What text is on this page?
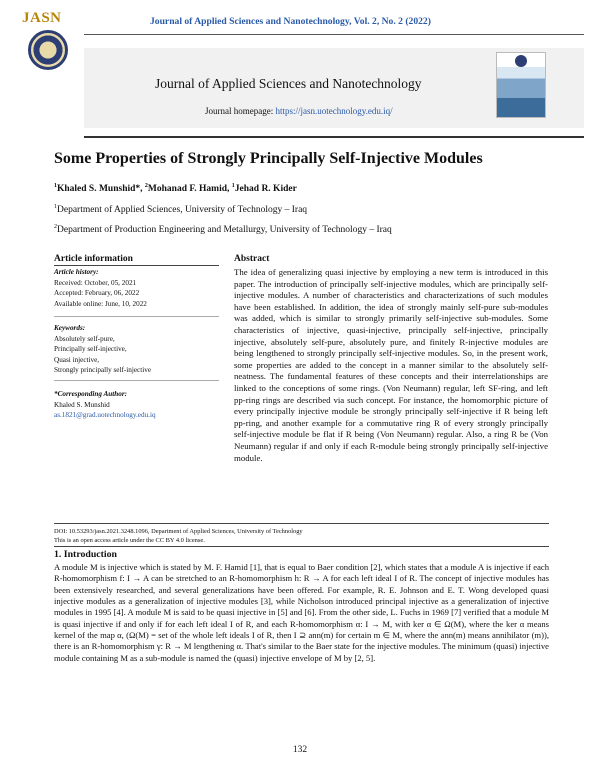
JASN	Journal of Applied Sciences and Nanotechnology, Vol. 2, No. 2 (2022)
Journal of Applied Sciences and Nanotechnology
Journal homepage: https://jasn.uotechnology.edu.iq/
Some Properties of Strongly Principally Self-Injective Modules
$^1$Khaled S. Munshid*, $^2$Mohanad F. Hamid, $^1$Jehad R. Kider
$^1$Department of Applied Sciences, University of Technology – Iraq
$^2$Department of Production Engineering and Metallurgy, University of Technology – Iraq
Article information
Article history:
Received: October, 05, 2021
Accepted: February, 06, 2022
Available online: June, 10, 2022
Keywords:
Absolutely self-pure,
Principally self-injective,
Quasi injective,
Strongly principally self-injective
*Corresponding Author:
Khaled S. Munshid
as.1821@grad.uotechnology.edu.iq
Abstract
The idea of generalizing quasi injective by employing a new term is introduced in this paper. The introduction of principally self-injective modules, which are principally self-injective modules. A number of characteristics and characterizations of such modules have been established. In addition, the idea of strongly mainly self-pure sub-modules was added, which is similar to strongly primarily self-injective sub-modules. Some characteristics of injective, quasi-injective, principally self-injective, principally injective, absolutely self-pure, absolutely pure, and finitely R-injective modules are being lengthened to strongly principally self-injective modules. So, in the present work, some properties are added to the concept in a manner similar to the absolutely self-neatness. The fundamental features of these concepts and their interrelationships are linked to the conceptions of some rings. (Von Neumann) regular, left SF-ring, and left pp-ring rings are described via such concept. For instance, the homomorphic picture of every principally injective module be strongly principally self-injective if R being left pp-ring, and another example for a commutative ring R of every strongly principally self-injective module be flat if R being (Von Neumann) regular. Also, a ring R be (Von Neumann) regular if and only if each R-module being strongly principally self-injective module.
DOI: 10.53293/jasn.2021.3248.1096, Department of Applied Sciences, University of Technology
This is an open access article under the CC BY 4.0 license.
1. Introduction
A module M is injective which is stated by M. F. Hamid [1], that is equal to Baer condition [2], which states that a module A is injective if each R-homomorphism f: I → A can be stretched to an R-homomorphism h: R → A for each left ideal I of R. The concept of injective modules has been extensively researched, and several generalizations have been offered. For example, R. E. Johnson and E. T. Wong developed quasi injective modules as a generalization of injective modules [3], while Nicholson introduced principal injective as a generalization of injective modules in 1995 [4]. A module M is said to be quasi injective in [5] and [6]. From the other side, L. Fuchs in 1969 [7] verified that a module M is quasi injective if and only if for each left ideal I of R, and each R-homomorphism α: I → M, with ker α ∈ Ω(M), where the ker α means kernel of the map α, (Ω(M) = set of the whole left ideals I of R, then I ⊇ ann(m) for certain m ∈ M, where the ann(m) means annihilator (m)), there is an R-homomorphism γ: R → M lengthening α. That's similar to the Baer state for the injective modules. The minimum (quasi) injective module containing M as a sub-module is named the (quasi) injective envelope of M by [2, 5].
132
